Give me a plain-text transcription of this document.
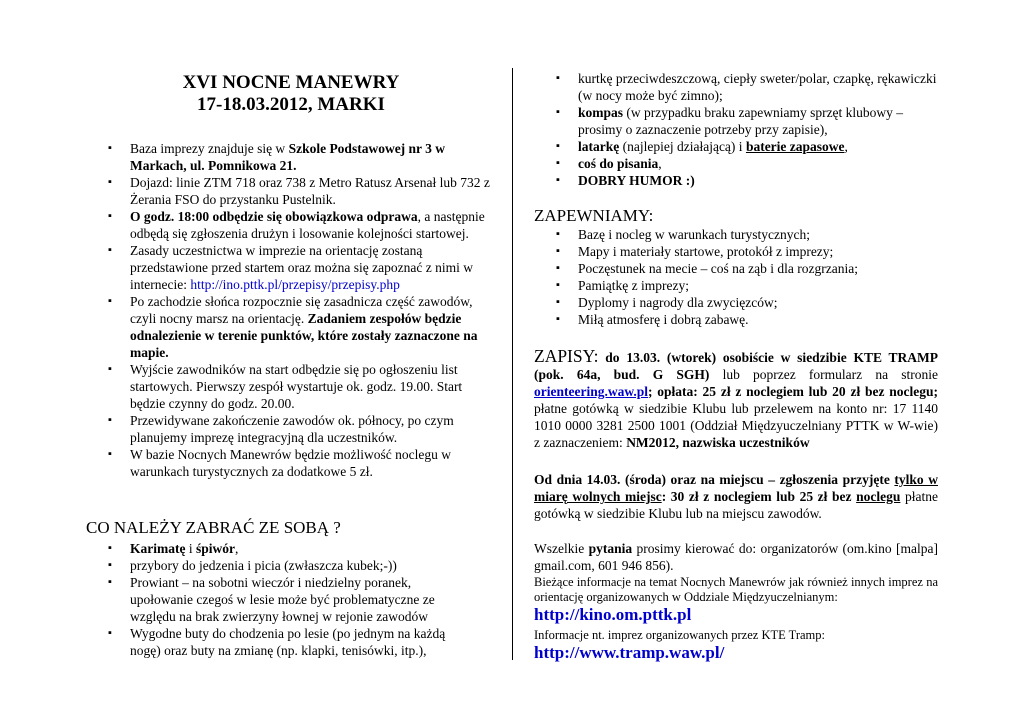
XVI NOCNE MANEWRY
17-18.03.2012, MARKI
▪ Baza imprezy znajduje się w Szkole Podstawowej nr 3 w Markach, ul. Pomnikowa 21.
▪ Dojazd: linie ZTM 718 oraz 738 z Metro Ratusz Arsenał lub 732 z Żerania FSO do przystanku Pustelnik.
▪ O godz. 18:00 odbędzie się obowiązkowa odprawa, a następnie odbędą się zgłoszenia drużyn i losowanie kolejności startowej.
▪ Zasady uczestnictwa w imprezie na orientację zostaną przedstawione przed startem oraz można się zapoznać z nimi w internecie: http://ino.pttk.pl/przepisy/przepisy.php
▪ Po zachodzie słońca rozpocznie się zasadnicza część zawodów, czyli nocny marsz na orientację. Zadaniem zespołów będzie odnalezienie w terenie punktów, które zostały zaznaczone na mapie.
▪ Wyjście zawodników na start odbędzie się po ogłoszeniu list startowych. Pierwszy zespół wystartuje ok. godz. 19.00. Start będzie czynny do godz. 20.00.
▪ Przewidywane zakończenie zawodów ok. północy, po czym planujemy imprezę integracyjną dla uczestników.
▪ W bazie Nocnych Manewrów będzie możliwość noclegu w warunkach turystycznych za dodatkowe 5 zł.
CO NALEŻY ZABRAĆ ZE SOBĄ ?
▪ Karimatę i śpiwór,
▪ przybory do jedzenia i picia (zwłaszcza kubek;-))
▪ Prowiant – na sobotni wieczór i niedzielny poranek, upołowanie czegoś w lesie może być problematyczne ze względu na brak zwierzyny łownej w rejonie zawodów
▪ Wygodne buty do chodzenia po lesie (po jednym na każdą nogę) oraz buty na zmianę (np. klapki, tenisówki, itp.),
▪ kurtkę przeciwdeszczową, ciepły sweter/polar, czapkę, rękawiczki (w nocy może być zimno);
▪ kompas (w przypadku braku zapewniamy sprzęt klubowy – prosimy o zaznaczenie potrzeby przy zapisie),
▪ latarkę (najlepiej działającą) i baterie zapasowe,
▪ coś do pisania,
▪ DOBRY HUMOR :)
ZAPEWNIAMY:
▪ Bazę i nocleg w warunkach turystycznych;
▪ Mapy i materiały startowe, protokół z imprezy;
▪ Poczęstunek na mecie – coś na ząb i dla rozgrzania;
▪ Pamiątkę z imprezy;
▪ Dyplomy i nagrody dla zwycięzców;
▪ Miłą atmosferę i dobrą zabawę.
ZAPISY: do 13.03. (wtorek) osobiście w siedzibie KTE TRAMP (pok. 64a, bud. G SGH) lub poprzez formularz na stronie orienteering.waw.pl; opłata: 25 zł z noclegiem lub 20 zł bez noclegu; płatne gotówką w siedzibie Klubu lub przelewem na konto nr: 17 1140 1010 0000 3281 2500 1001 (Oddział Międzyuczelniany PTTK w W-wie) z zaznaczeniem: NM2012, nazwiska uczestników
Od dnia 14.03. (środa) oraz na miejscu – zgłoszenia przyjęte tylko w miarę wolnych miejsc: 30 zł z noclegiem lub 25 zł bez noclegu płatne gotówką w siedzibie Klubu lub na miejscu zawodów.
Wszelkie pytania prosimy kierować do: organizatorów (om.kino [malpa] gmail.com, 601 946 856).
Bieżące informacje na temat Nocnych Manewrów jak również innych imprez na orientację organizowanych w Oddziale Międzyuczelnianym:
http://kino.om.pttk.pl
Informacje nt. imprez organizowanych przez KTE Tramp:
http://www.tramp.waw.pl/
